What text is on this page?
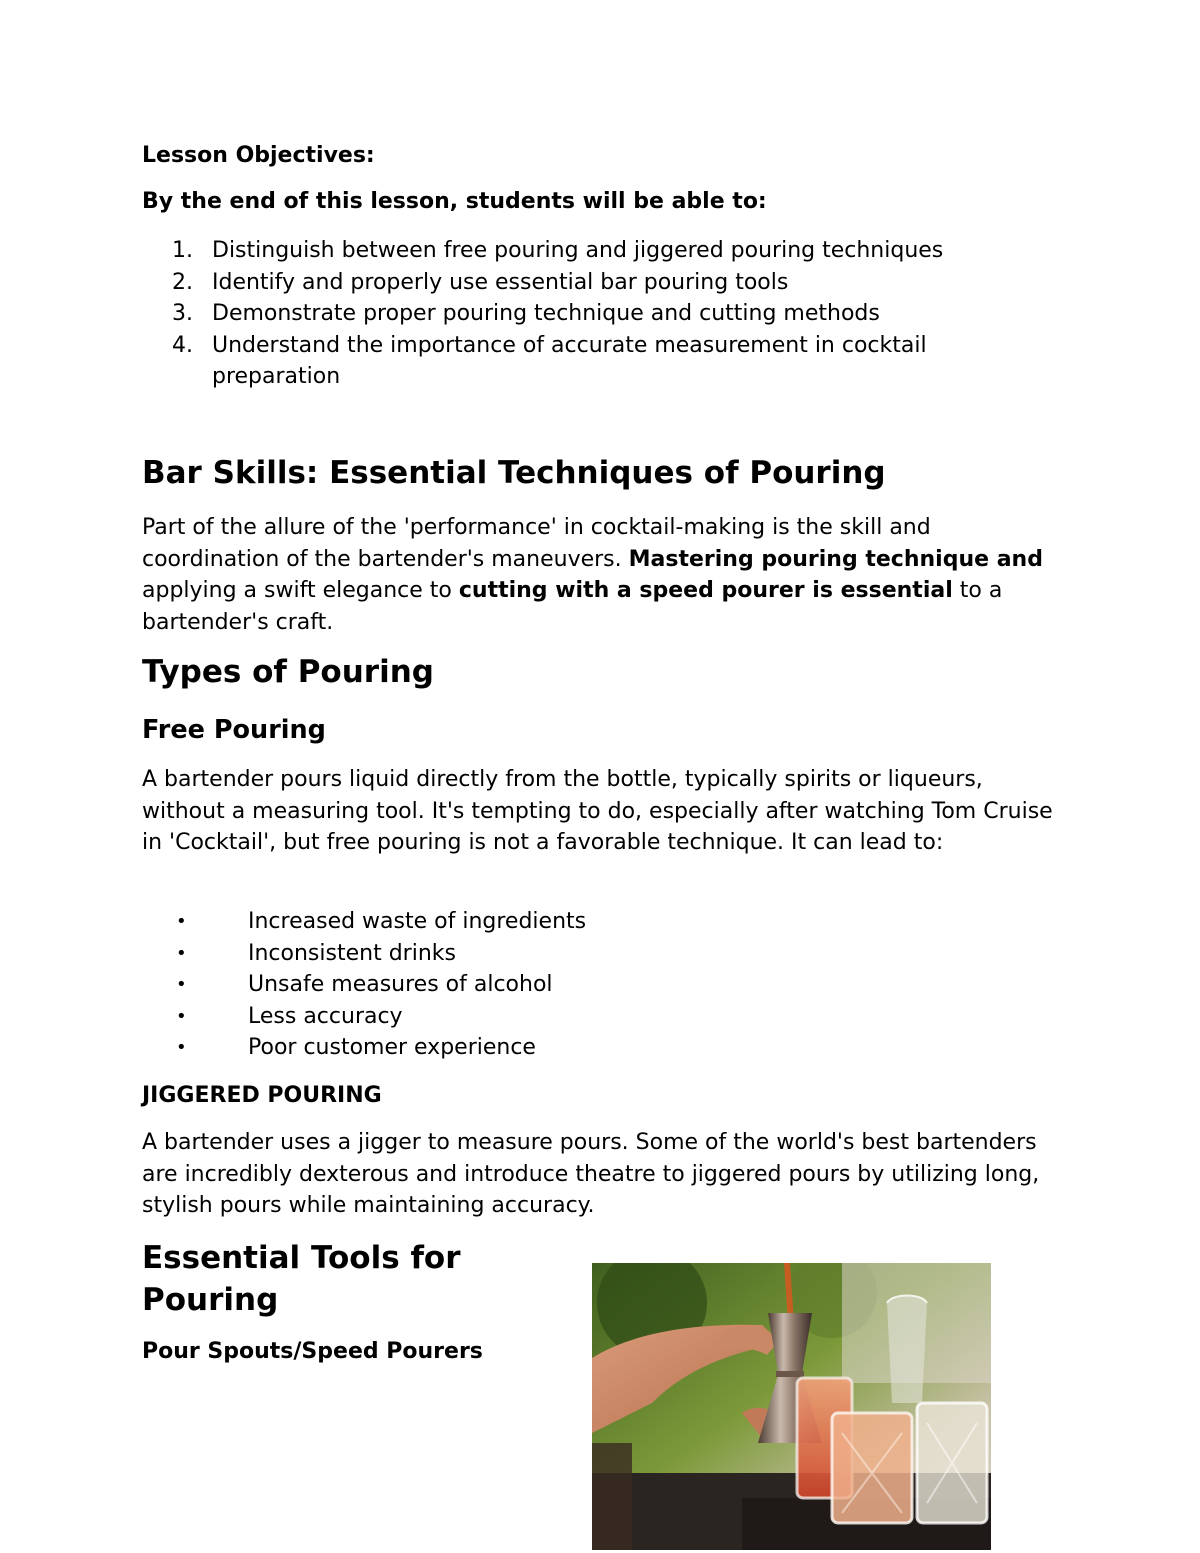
Lesson Objectives:
By the end of this lesson, students will be able to:
1. Distinguish between free pouring and jiggered pouring techniques
2. Identify and properly use essential bar pouring tools
3. Demonstrate proper pouring technique and cutting methods
4. Understand the importance of accurate measurement in cocktail preparation
Bar Skills: Essential Techniques of Pouring

Part of the allure of the 'performance' in cocktail-making is the skill and coordination of the bartender's maneuvers. Mastering pouring technique and applying a swift elegance to cutting with a speed pourer is essential to a bartender's craft.

Types of Pouring
Free Pouring

A bartender pours liquid directly from the bottle, typically spirits or liqueurs, without a measuring tool. It's tempting to do, especially after watching Tom Cruise in 'Cocktail', but free pouring is not a favorable technique. It can lead to:

•	Increased waste of ingredients
•	Inconsistent drinks
•	Unsafe measures of alcohol
•	Less accuracy
•	Poor customer experience
JIGGERED POURING

A bartender uses a jigger to measure pours. Some of the world's best bartenders are incredibly dexterous and introduce theatre to jiggered pours by utilizing long, stylish pours while maintaining accuracy.

Essential Tools for Pouring
Pour Spouts/Speed Pourers
